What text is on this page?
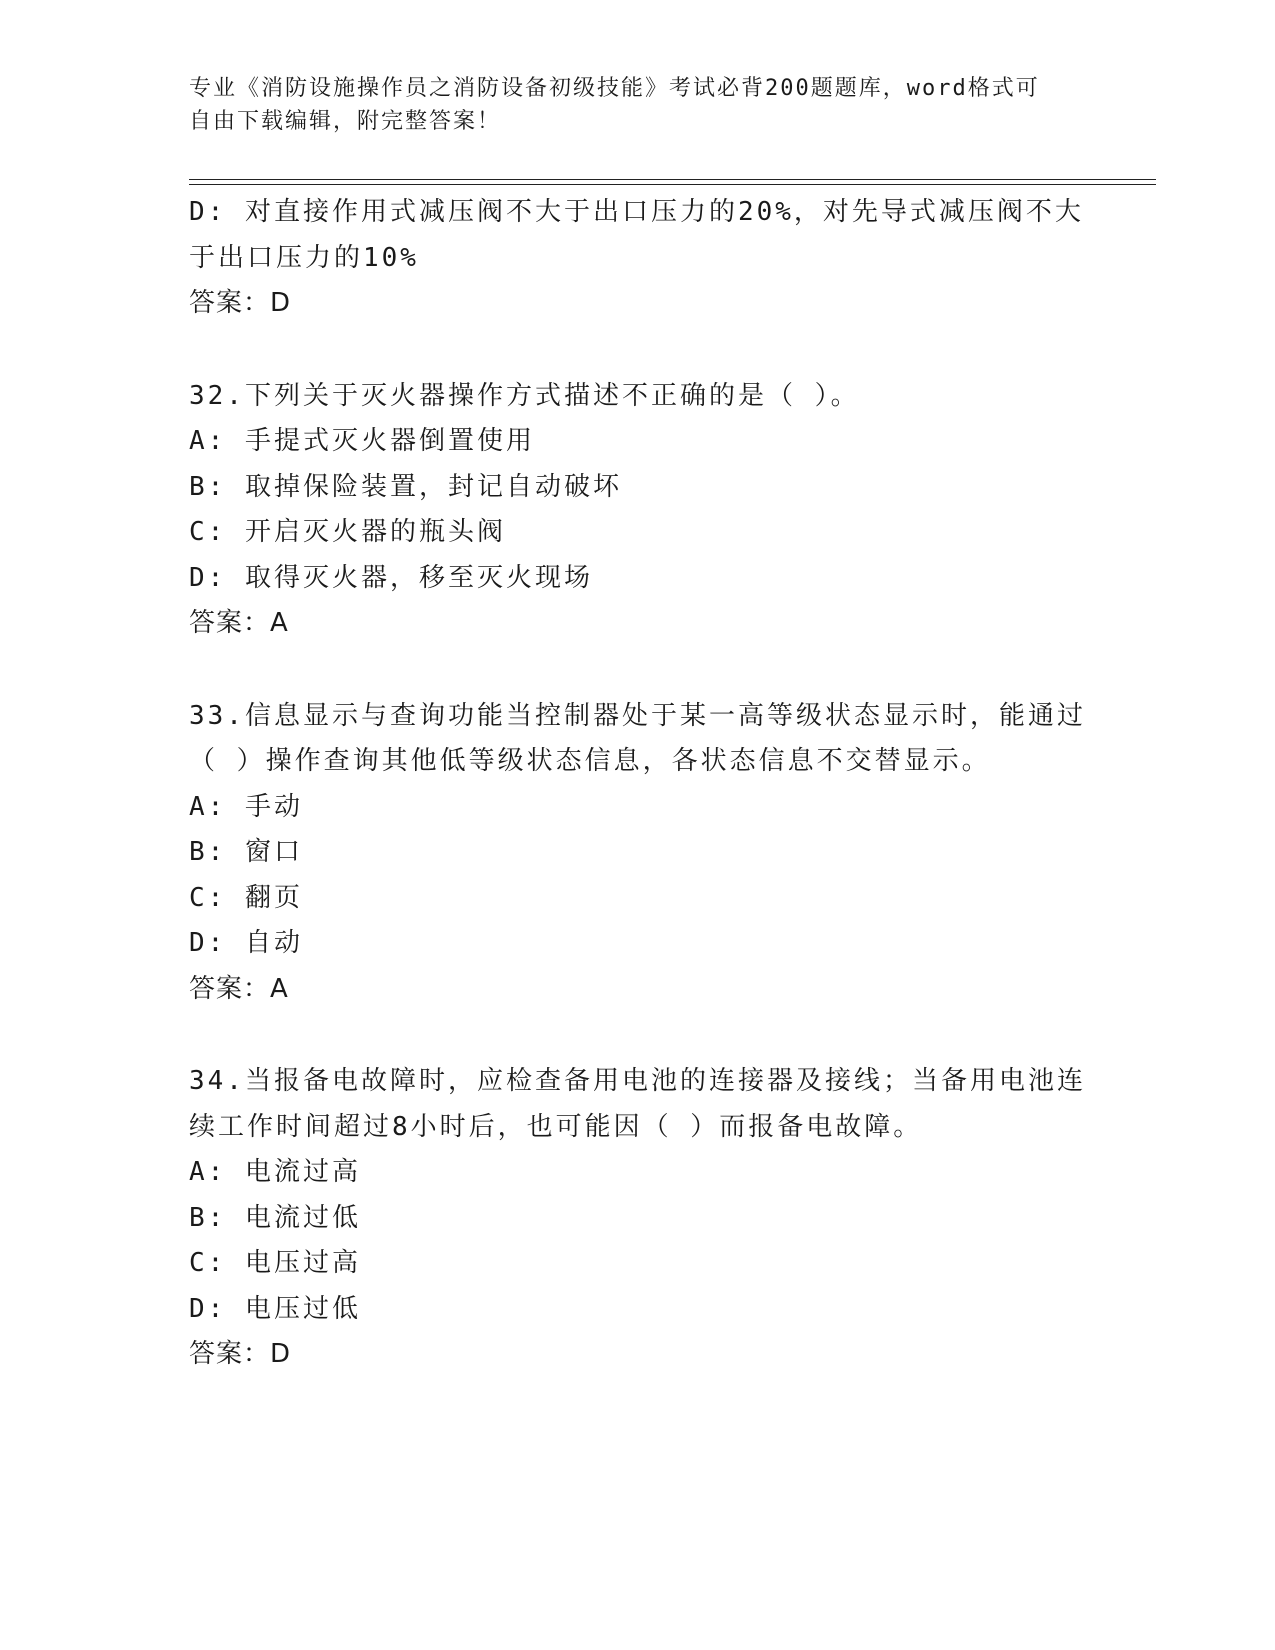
专业《消防设施操作员之消防设备初级技能》考试必背200题题库，word格式可
自由下载编辑，附完整答案！
D: 对直接作用式减压阀不大于出口压力的20%，对先导式减压阀不大
于出口压力的10%
答案：D
32.下列关于灭火器操作方式描述不正确的是（ ）。
A: 手提式灭火器倒置使用
B: 取掉保险装置，封记自动破坏
C: 开启灭火器的瓶头阀
D: 取得灭火器，移至灭火现场
答案：A
33.信息显示与查询功能当控制器处于某一高等级状态显示时，能通过
（ ）操作查询其他低等级状态信息，各状态信息不交替显示。
A: 手动
B: 窗口
C: 翻页
D: 自动
答案：A
34.当报备电故障时，应检查备用电池的连接器及接线；当备用电池连
续工作时间超过8小时后，也可能因（ ）而报备电故障。
A: 电流过高
B: 电流过低
C: 电压过高
D: 电压过低
答案：D
